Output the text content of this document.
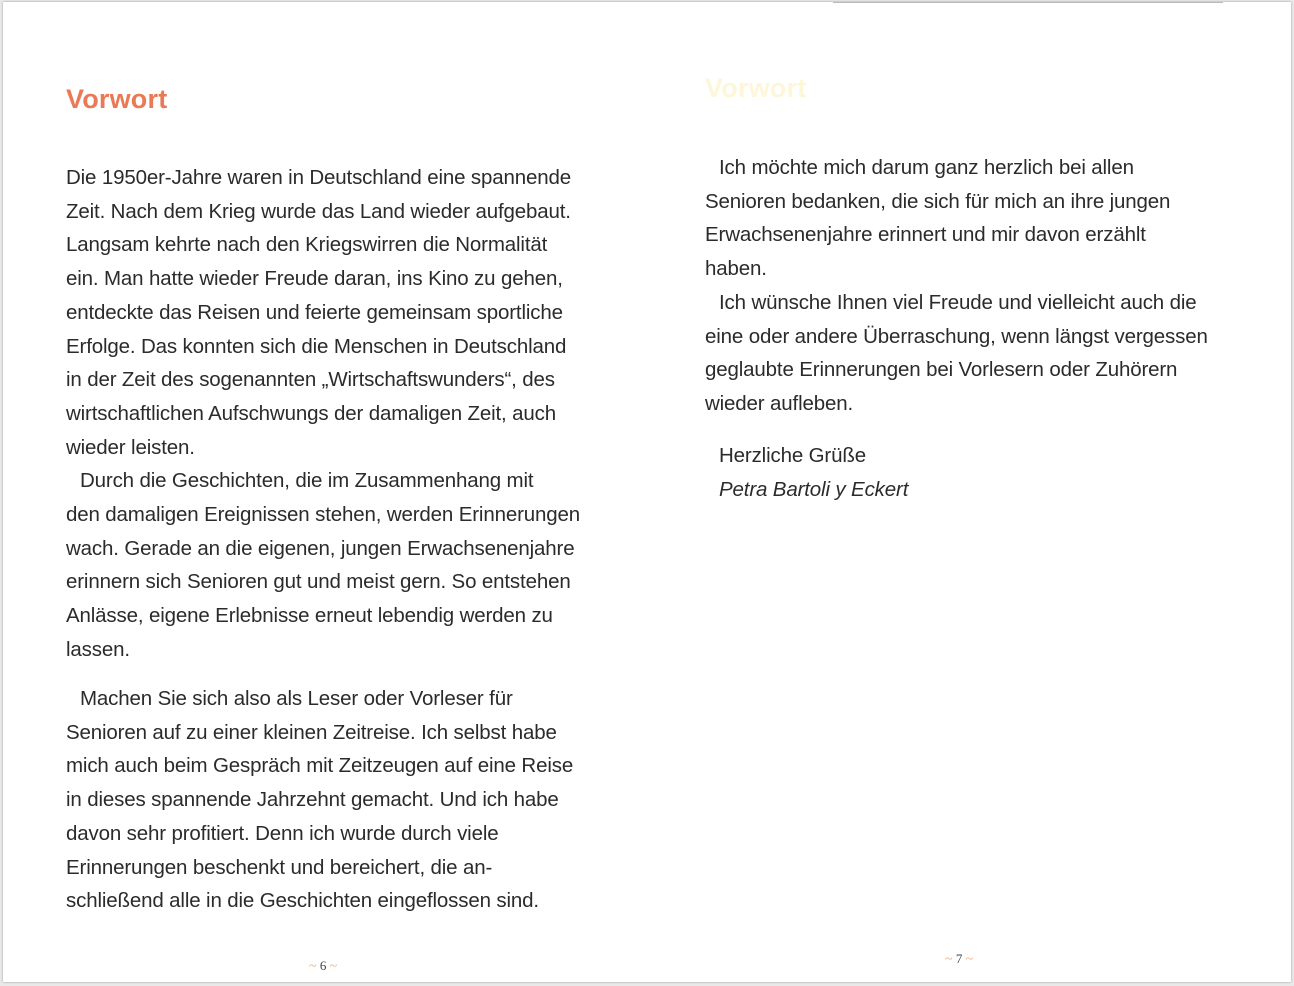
Vorwort
Die 1950er-Jahre waren in Deutschland eine spannende
Zeit. Nach dem Krieg wurde das Land wieder aufgebaut.
Langsam kehrte nach den Kriegswirren die Normalität
ein. Man hatte wieder Freude daran, ins Kino zu gehen,
entdeckte das Reisen und feierte gemeinsam sportliche
Erfolge. Das konnten sich die Menschen in Deutschland
in der Zeit des sogenannten „Wirtschaftswunders“, des
wirtschaftlichen Aufschwungs der damaligen Zeit, auch
wieder leisten.
Durch die Geschichten, die im Zusammenhang mit
den damaligen Ereignissen stehen, werden Erinnerungen
wach. Gerade an die eigenen, jungen Erwachsenenjahre
erinnern sich Senioren gut und meist gern. So entstehen
Anlässe, eigene Erlebnisse erneut lebendig werden zu
lassen.
Machen Sie sich also als Leser oder Vorleser für
Senioren auf zu einer kleinen Zeitreise. Ich selbst habe
mich auch beim Gespräch mit Zeitzeugen auf eine Reise
in dieses spannende Jahrzehnt gemacht. Und ich habe
davon sehr profitiert. Denn ich wurde durch viele
Erinnerungen beschenkt und bereichert, die an-
schließend alle in die Geschichten eingeflossen sind.
~ 6 ~
Vorwort
Ich möchte mich darum ganz herzlich bei allen
Senioren bedanken, die sich für mich an ihre jungen
Erwachsenenjahre erinnert und mir davon erzählt
haben.
Ich wünsche Ihnen viel Freude und vielleicht auch die
eine oder andere Überraschung, wenn längst vergessen
geglaubte Erinnerungen bei Vorlesern oder Zuhörern
wieder aufleben.
Herzliche Grüße
Petra Bartoli y Eckert
~ 7 ~
